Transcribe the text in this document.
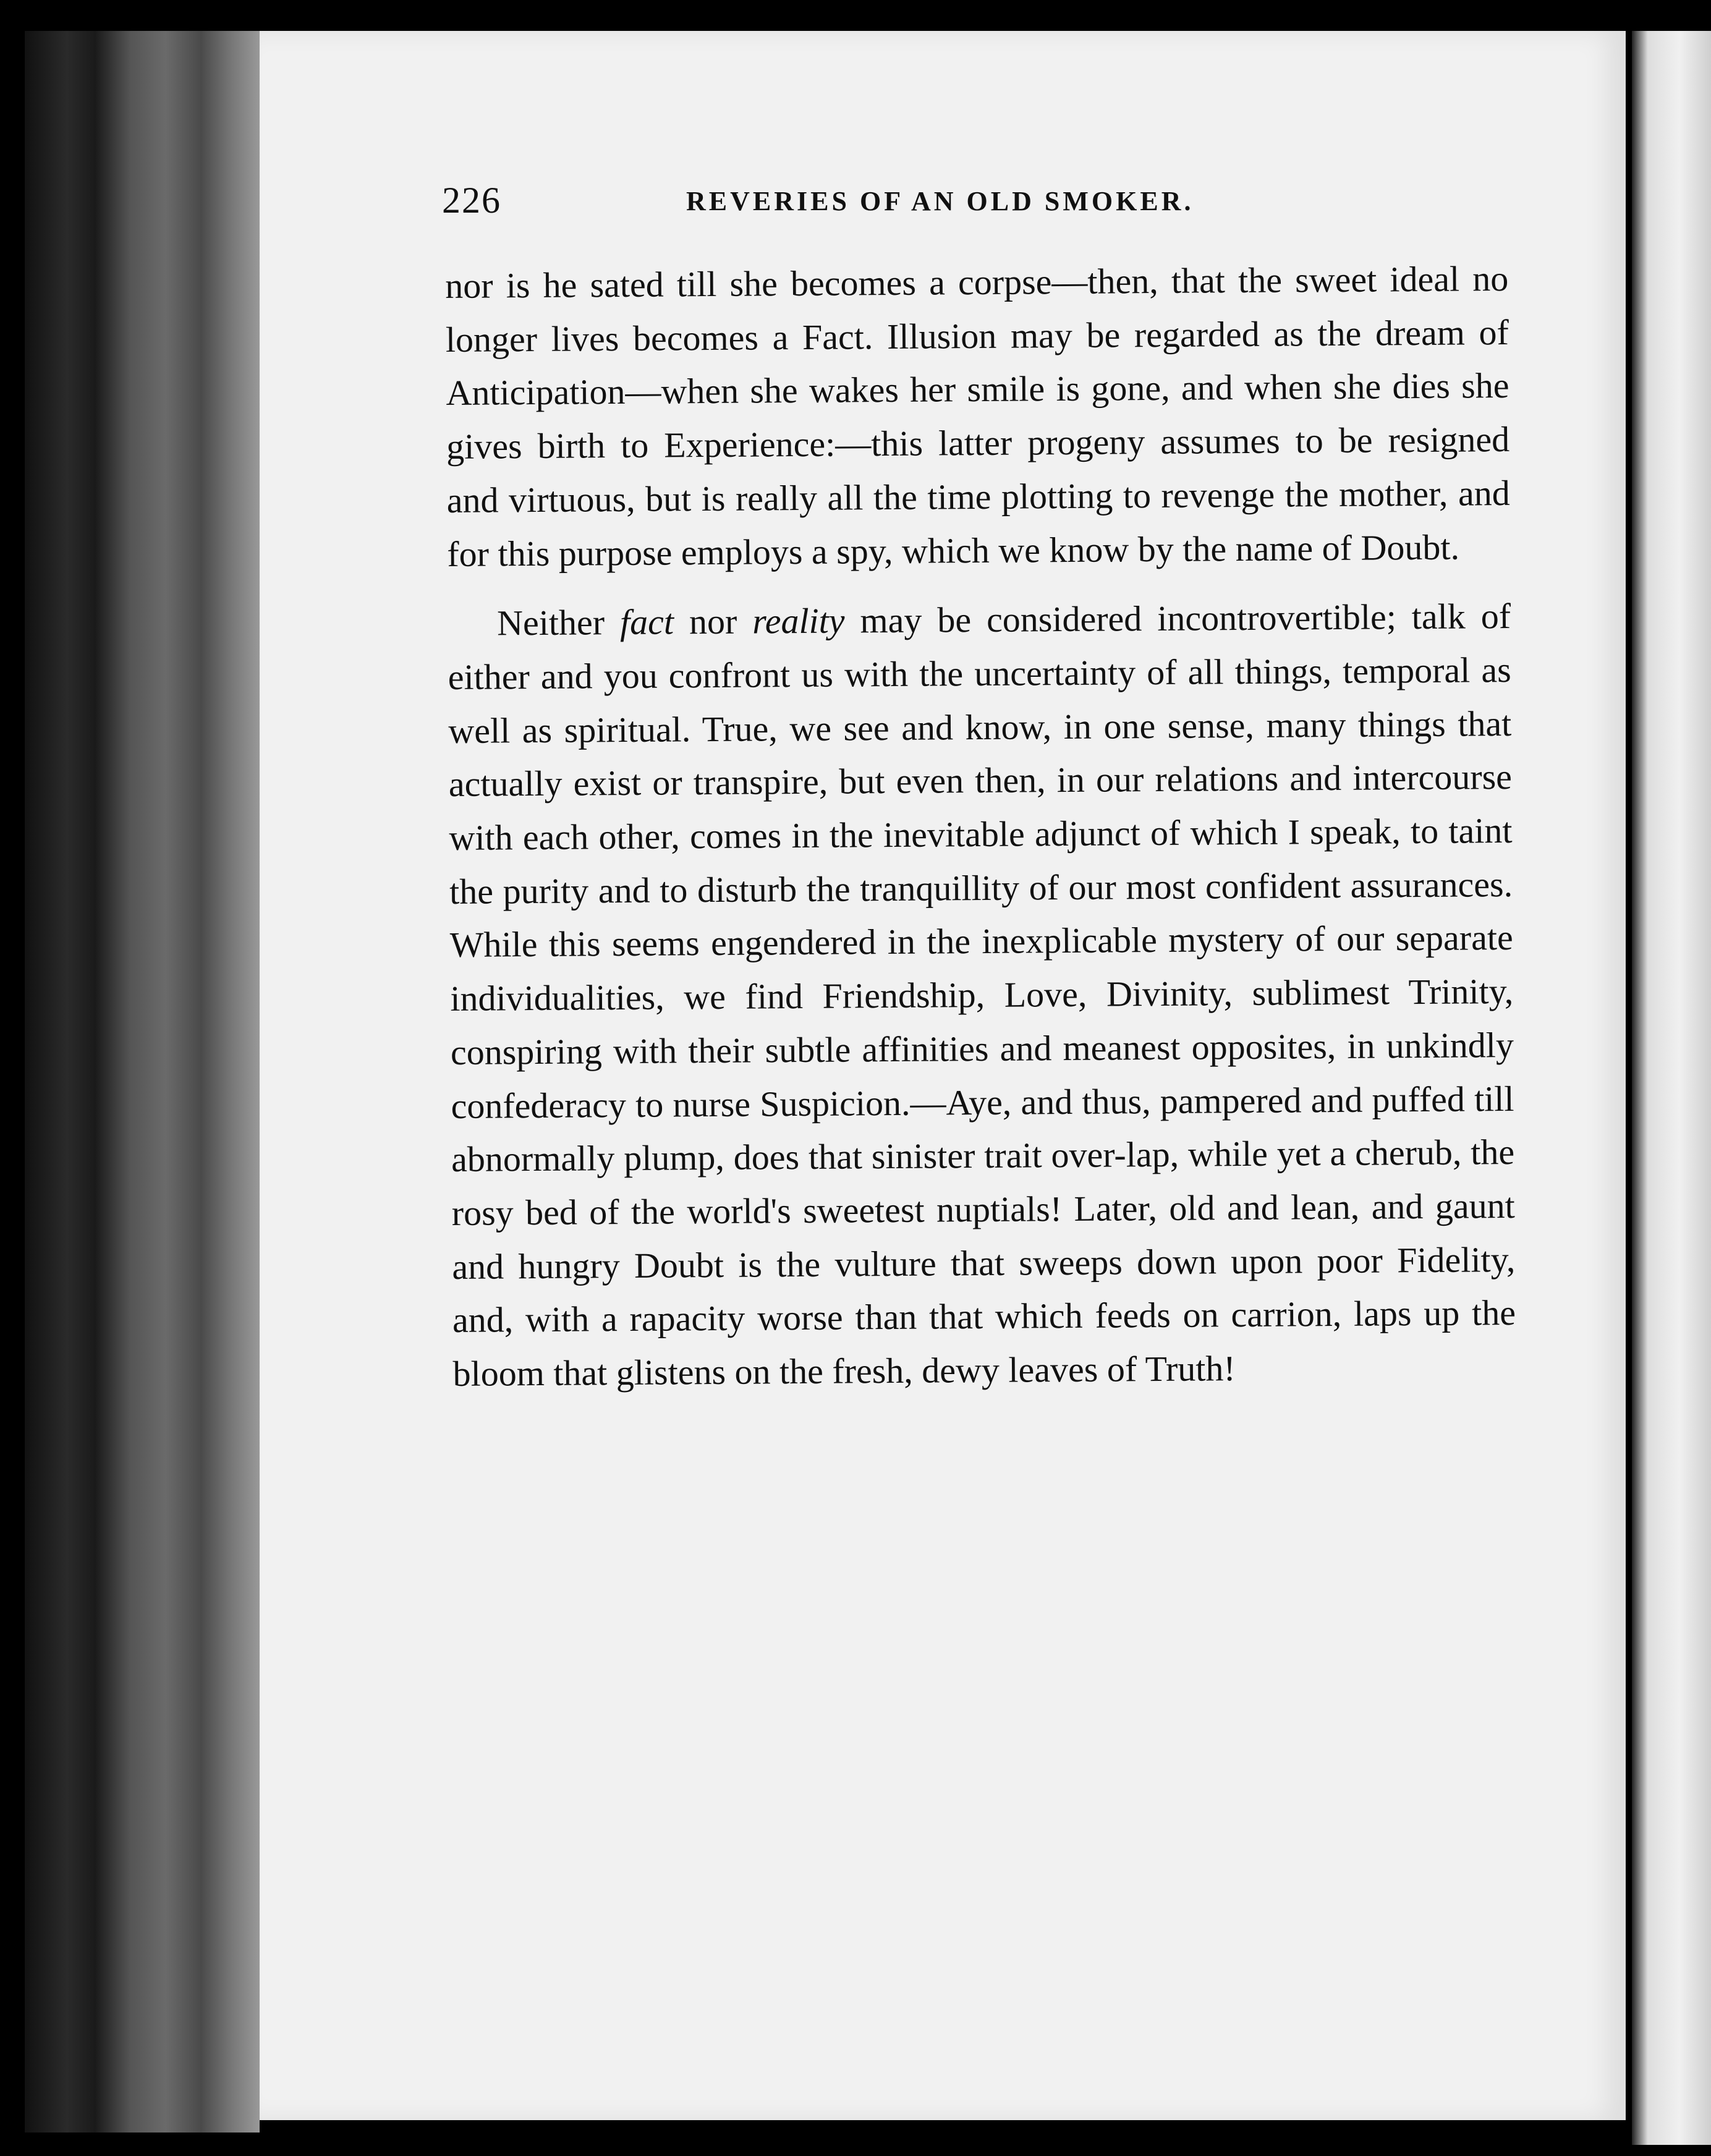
226	REVERIES OF AN OLD SMOKER.

nor is he sated till she becomes a corpse—then, that the sweet ideal no longer lives becomes a Fact. Illusion may be regarded as the dream of Anticipation—when she wakes her smile is gone, and when she dies she gives birth to Experience:—this latter progeny assumes to be resigned and virtuous, but is really all the time plotting to revenge the mother, and for this purpose employs a spy, which we know by the name of Doubt.

Neither fact nor reality may be considered incontrovertible; talk of either and you confront us with the uncertainty of all things, temporal as well as spiritual. True, we see and know, in one sense, many things that actually exist or transpire, but even then, in our relations and intercourse with each other, comes in the inevitable adjunct of which I speak, to taint the purity and to disturb the tranquillity of our most confident assurances. While this seems engendered in the inexplicable mystery of our separate individualities, we find Friendship, Love, Divinity, sublimest Trinity, conspiring with their subtle affinities and meanest opposites, in unkindly confederacy to nurse Suspicion.—Aye, and thus, pampered and puffed till abnormally plump, does that sinister trait over-lap, while yet a cherub, the rosy bed of the world's sweetest nuptials! Later, old and lean, and gaunt and hungry Doubt is the vulture that sweeps down upon poor Fidelity, and, with a rapacity worse than that which feeds on carrion, laps up the bloom that glistens on the fresh, dewy leaves of Truth!
